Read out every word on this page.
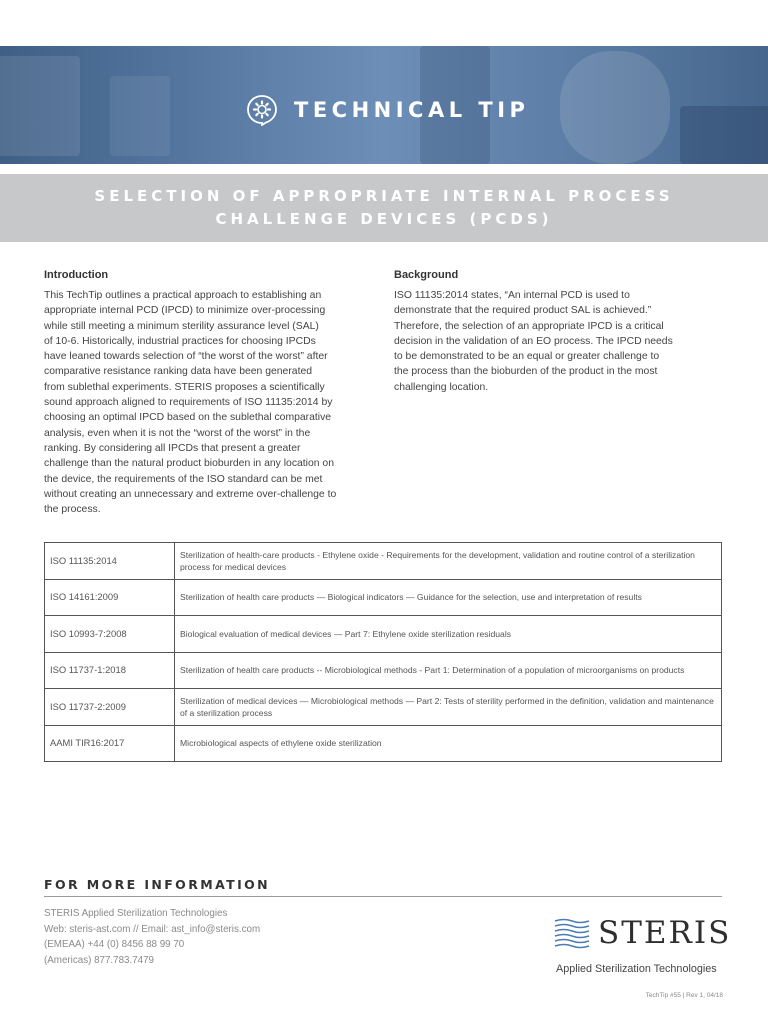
TECHNICAL TIP
SELECTION OF APPROPRIATE INTERNAL PROCESS
CHALLENGE DEVICES (PCDS)
Introduction
This TechTip outlines a practical approach to establishing an
appropriate internal PCD (IPCD) to minimize over-processing
while still meeting a minimum sterility assurance level (SAL)
of 10-6. Historically, industrial practices for choosing IPCDs
have leaned towards selection of “the worst of the worst” after
comparative resistance ranking data have been generated
from sublethal experiments. STERIS proposes a scientifically
sound approach aligned to requirements of ISO 11135:2014 by
choosing an optimal IPCD based on the sublethal comparative
analysis, even when it is not the “worst of the worst” in the
ranking. By considering all IPCDs that present a greater
challenge than the natural product bioburden in any location on
the device, the requirements of the ISO standard can be met
without creating an unnecessary and extreme over-challenge to
the process.
Background
ISO 11135:2014 states, “An internal PCD is used to
demonstrate that the required product SAL is achieved.”
Therefore, the selection of an appropriate IPCD is a critical
decision in the validation of an EO process. The IPCD needs
to be demonstrated to be an equal or greater challenge to
the process than the bioburden of the product in the most
challenging location.
ISO 11135:2014	Sterilization of health-care products - Ethylene oxide - Requirements for the development, validation and routine control of a sterilization process for medical devices
ISO 14161:2009	Sterilization of health care products — Biological indicators — Guidance for the selection, use and interpretation of results
ISO 10993-7:2008	Biological evaluation of medical devices — Part 7: Ethylene oxide sterilization residuals
ISO 11737-1:2018	Sterilization of health care products -- Microbiological methods - Part 1: Determination of a population of microorganisms on products
ISO 11737-2:2009	Sterilization of medical devices — Microbiological methods — Part 2: Tests of sterility performed in the definition, validation and maintenance of a sterilization process
AAMI TIR16:2017	Microbiological aspects of ethylene oxide sterilization
FOR MORE INFORMATION
STERIS Applied Sterilization Technologies
Web: steris-ast.com // Email: ast_info@steris.com
(EMEAA) +44 (0) 8456 88 99 70
(Americas) 877.783.7479
STERIS
Applied Sterilization Technologies
TechTip #55 | Rev 1, 04/18
